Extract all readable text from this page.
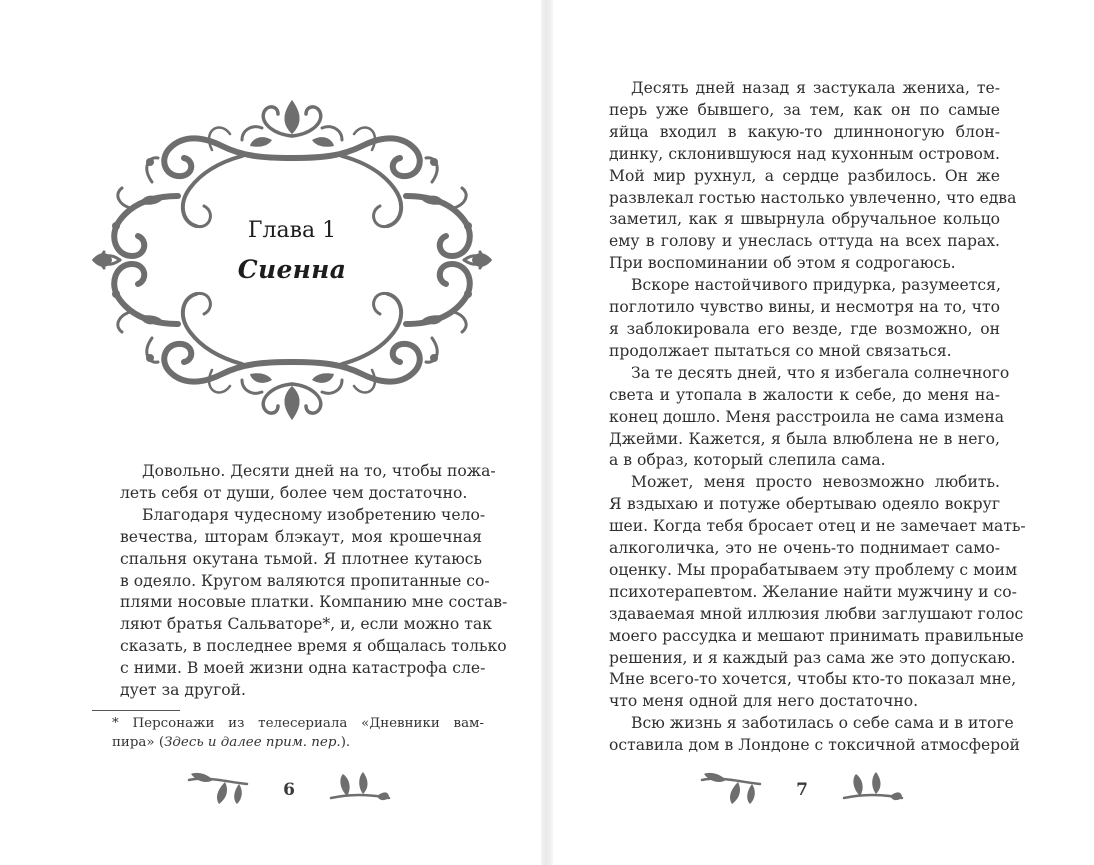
Глава 1
Сиенна
Довольно. Десяти дней на то, чтобы пожа-
леть себя от души, более чем достаточно.
Благодаря чудесному изобретению чело-
вечества, шторам блэкаут, моя крошечная
спальня окутана тьмой. Я плотнее кутаюсь
в одеяло. Кругом валяются пропитанные со-
плями носовые платки. Компанию мне состав-
ляют братья Сальваторе*, и, если можно так
сказать, в последнее время я общалась только
с ними. В моей жизни одна катастрофа сле-
дует за другой.
* Персонажи из телесериала «Дневники вам-
пира» (Здесь и далее прим. пер.).
6
Десять дней назад я застукала жениха, те-
перь уже бывшего, за тем, как он по самые
яйца входил в какую-то длинноногую блон-
динку, склонившуюся над кухонным островом.
Мой мир рухнул, а сердце разбилось. Он же
развлекал гостью настолько увлеченно, что едва
заметил, как я швырнула обручальное кольцо
ему в голову и унеслась оттуда на всех парах.
При воспоминании об этом я содрогаюсь.
Вскоре настойчивого придурка, разумеется,
поглотило чувство вины, и несмотря на то, что
я заблокировала его везде, где возможно, он
продолжает пытаться со мной связаться.
За те десять дней, что я избегала солнечного
света и утопала в жалости к себе, до меня на-
конец дошло. Меня расстроила не сама измена
Джейми. Кажется, я была влюблена не в него,
а в образ, который слепила сама.
Может, меня просто невозможно любить.
Я вздыхаю и потуже обертываю одеяло вокруг
шеи. Когда тебя бросает отец и не замечает мать-
алкоголичка, это не очень-то поднимает само-
оценку. Мы прорабатываем эту проблему с моим
психотерапевтом. Желание найти мужчину и со-
здаваемая мной иллюзия любви заглушают голос
моего рассудка и мешают принимать правильные
решения, и я каждый раз сама же это допускаю.
Мне всего-то хочется, чтобы кто-то показал мне,
что меня одной для него достаточно.
Всю жизнь я заботилась о себе сама и в итоге
оставила дом в Лондоне с токсичной атмосферой
7
